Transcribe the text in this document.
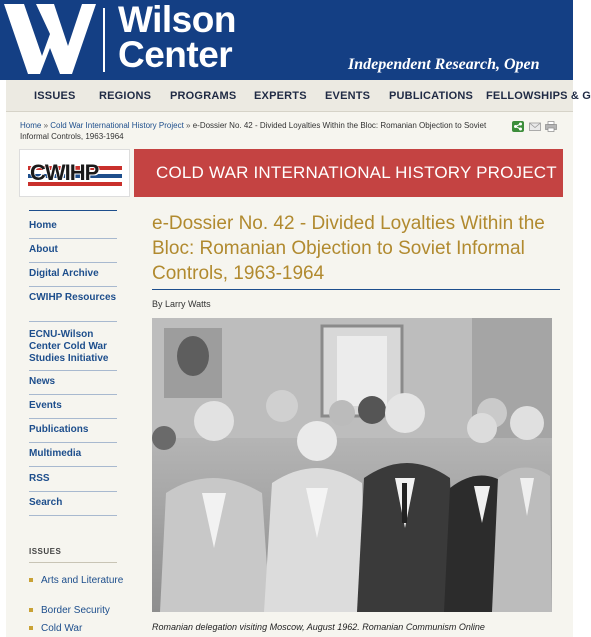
Wilson
Center	Independent Research, Open
ISSUES REGIONS PROGRAMS EXPERTS EVENTS PUBLICATIONS FELLOWSHIPS & G
Home » Cold War International History Project » e-Dossier No. 42 - Divided Loyalties Within the Bloc: Romanian Objection to Soviet Informal Controls, 1963-1964
CWIHP	COLD WAR INTERNATIONAL HISTORY PROJECT
Home
About
Digital Archive
CWIHP Resources
ECNU-Wilson Center Cold War Studies Initiative
News
Events
Publications
Multimedia
RSS
Search
ISSUES
Arts and Literature
Border Security
Cold War
e-Dossier No. 42 - Divided Loyalties Within the Bloc: Romanian Objection to Soviet Informal Controls, 1963-1964
By Larry Watts
Romanian delegation visiting Moscow, August 1962. Romanian Communism Online
